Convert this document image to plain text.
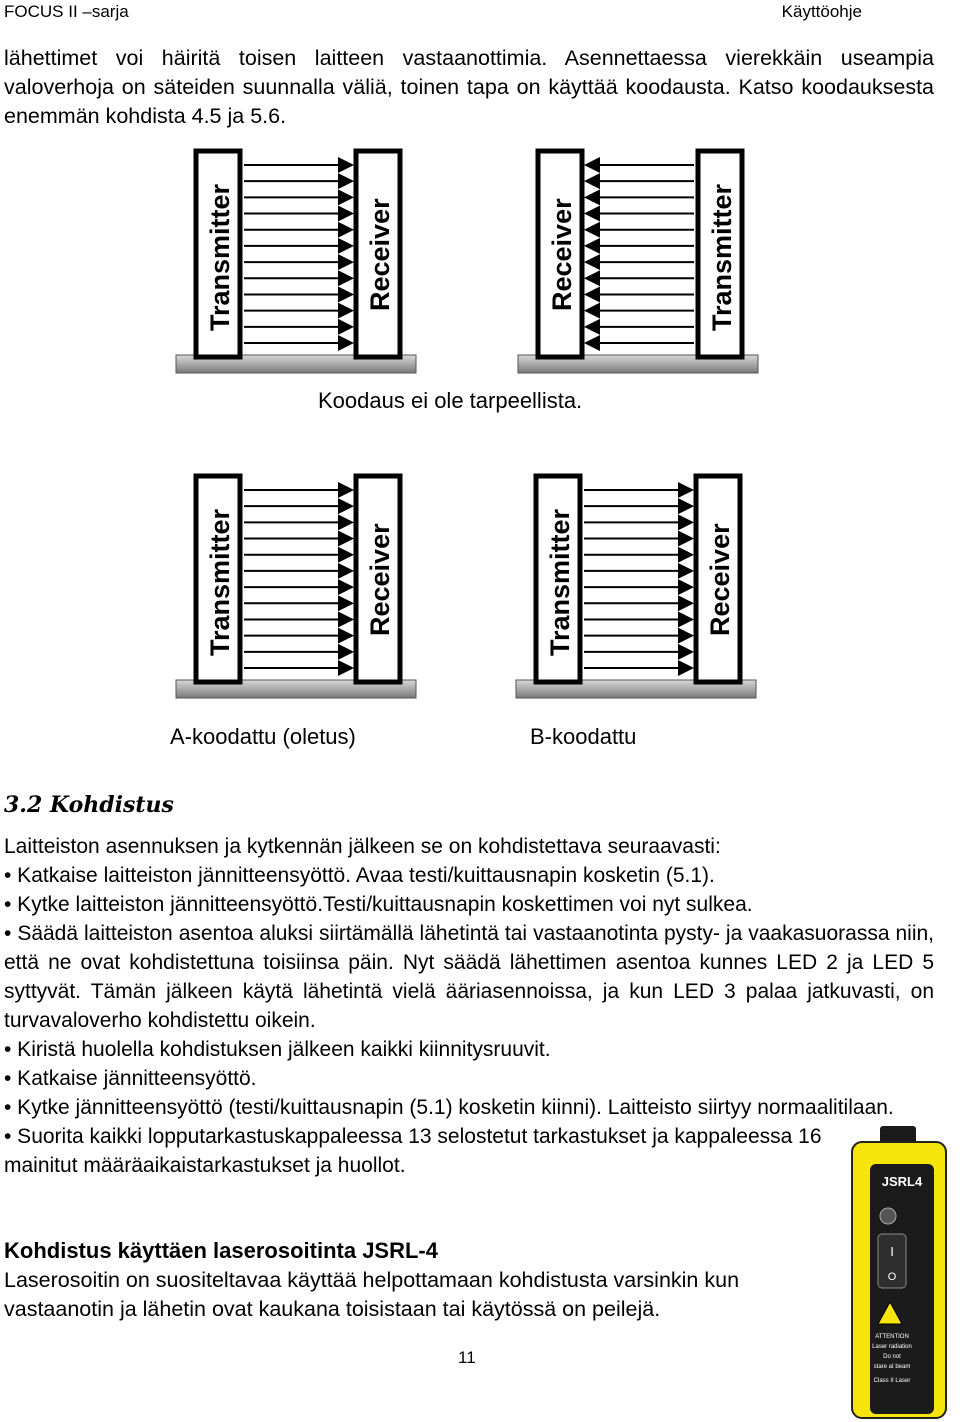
FOCUS II –sarja	Käyttöohje

lähettimet voi häiritä toisen laitteen vastaanottimia. Asennettaessa vierekkäin useampia valoverhoja on säteiden suunnalla väliä, toinen tapa on käyttää koodausta. Katso koodauksesta enemmän kohdista 4.5 ja 5.6.

Transmitter	Receiver	Receiver	Transmitter
Koodaus ei ole tarpeellista.
Transmitter	Receiver	Transmitter	Receiver
A-koodattu (oletus)	B-koodattu
3.2 Kohdistus
Laitteiston asennuksen ja kytkennän jälkeen se on kohdistettava seuraavasti:
• Katkaise laitteiston jännitteensyöttö. Avaa testi/kuittausnapin kosketin (5.1).
• Kytke laitteiston jännitteensyöttö.Testi/kuittausnapin koskettimen voi nyt sulkea.
• Säädä laitteiston asentoa aluksi siirtämällä lähetintä tai vastaanotinta pysty- ja vaakasuorassa niin, että ne ovat kohdistettuna toisiinsa päin. Nyt säädä lähettimen asentoa kunnes LED 2 ja LED 5 syttyvät. Tämän jälkeen käytä lähetintä vielä ääriasennoissa, ja kun LED 3 palaa jatkuvasti, on turvavaloverho kohdistettu oikein.
• Kiristä huolella kohdistuksen jälkeen kaikki kiinnitysruuvit.
• Katkaise jännitteensyöttö.
• Kytke jännitteensyöttö (testi/kuittausnapin (5.1) kosketin kiinni). Laitteisto siirtyy normaalitilaan.
• Suorita kaikki lopputarkastuskappaleessa 13 selostetut tarkastukset ja kappaleessa 16 mainitut määräaikaistarkastukset ja huollot.
Kohdistus käyttäen laserosoitinta JSRL-4
Laserosoitin on suositeltavaa käyttää helpottamaan kohdistusta varsinkin kun vastaanotin ja lähetin ovat kaukana toisistaan tai käytössä on peilejä.
JSRL4
I
O
ATTENTION
Laser radiation
Do not
stare at beam
Class II Laser
11
